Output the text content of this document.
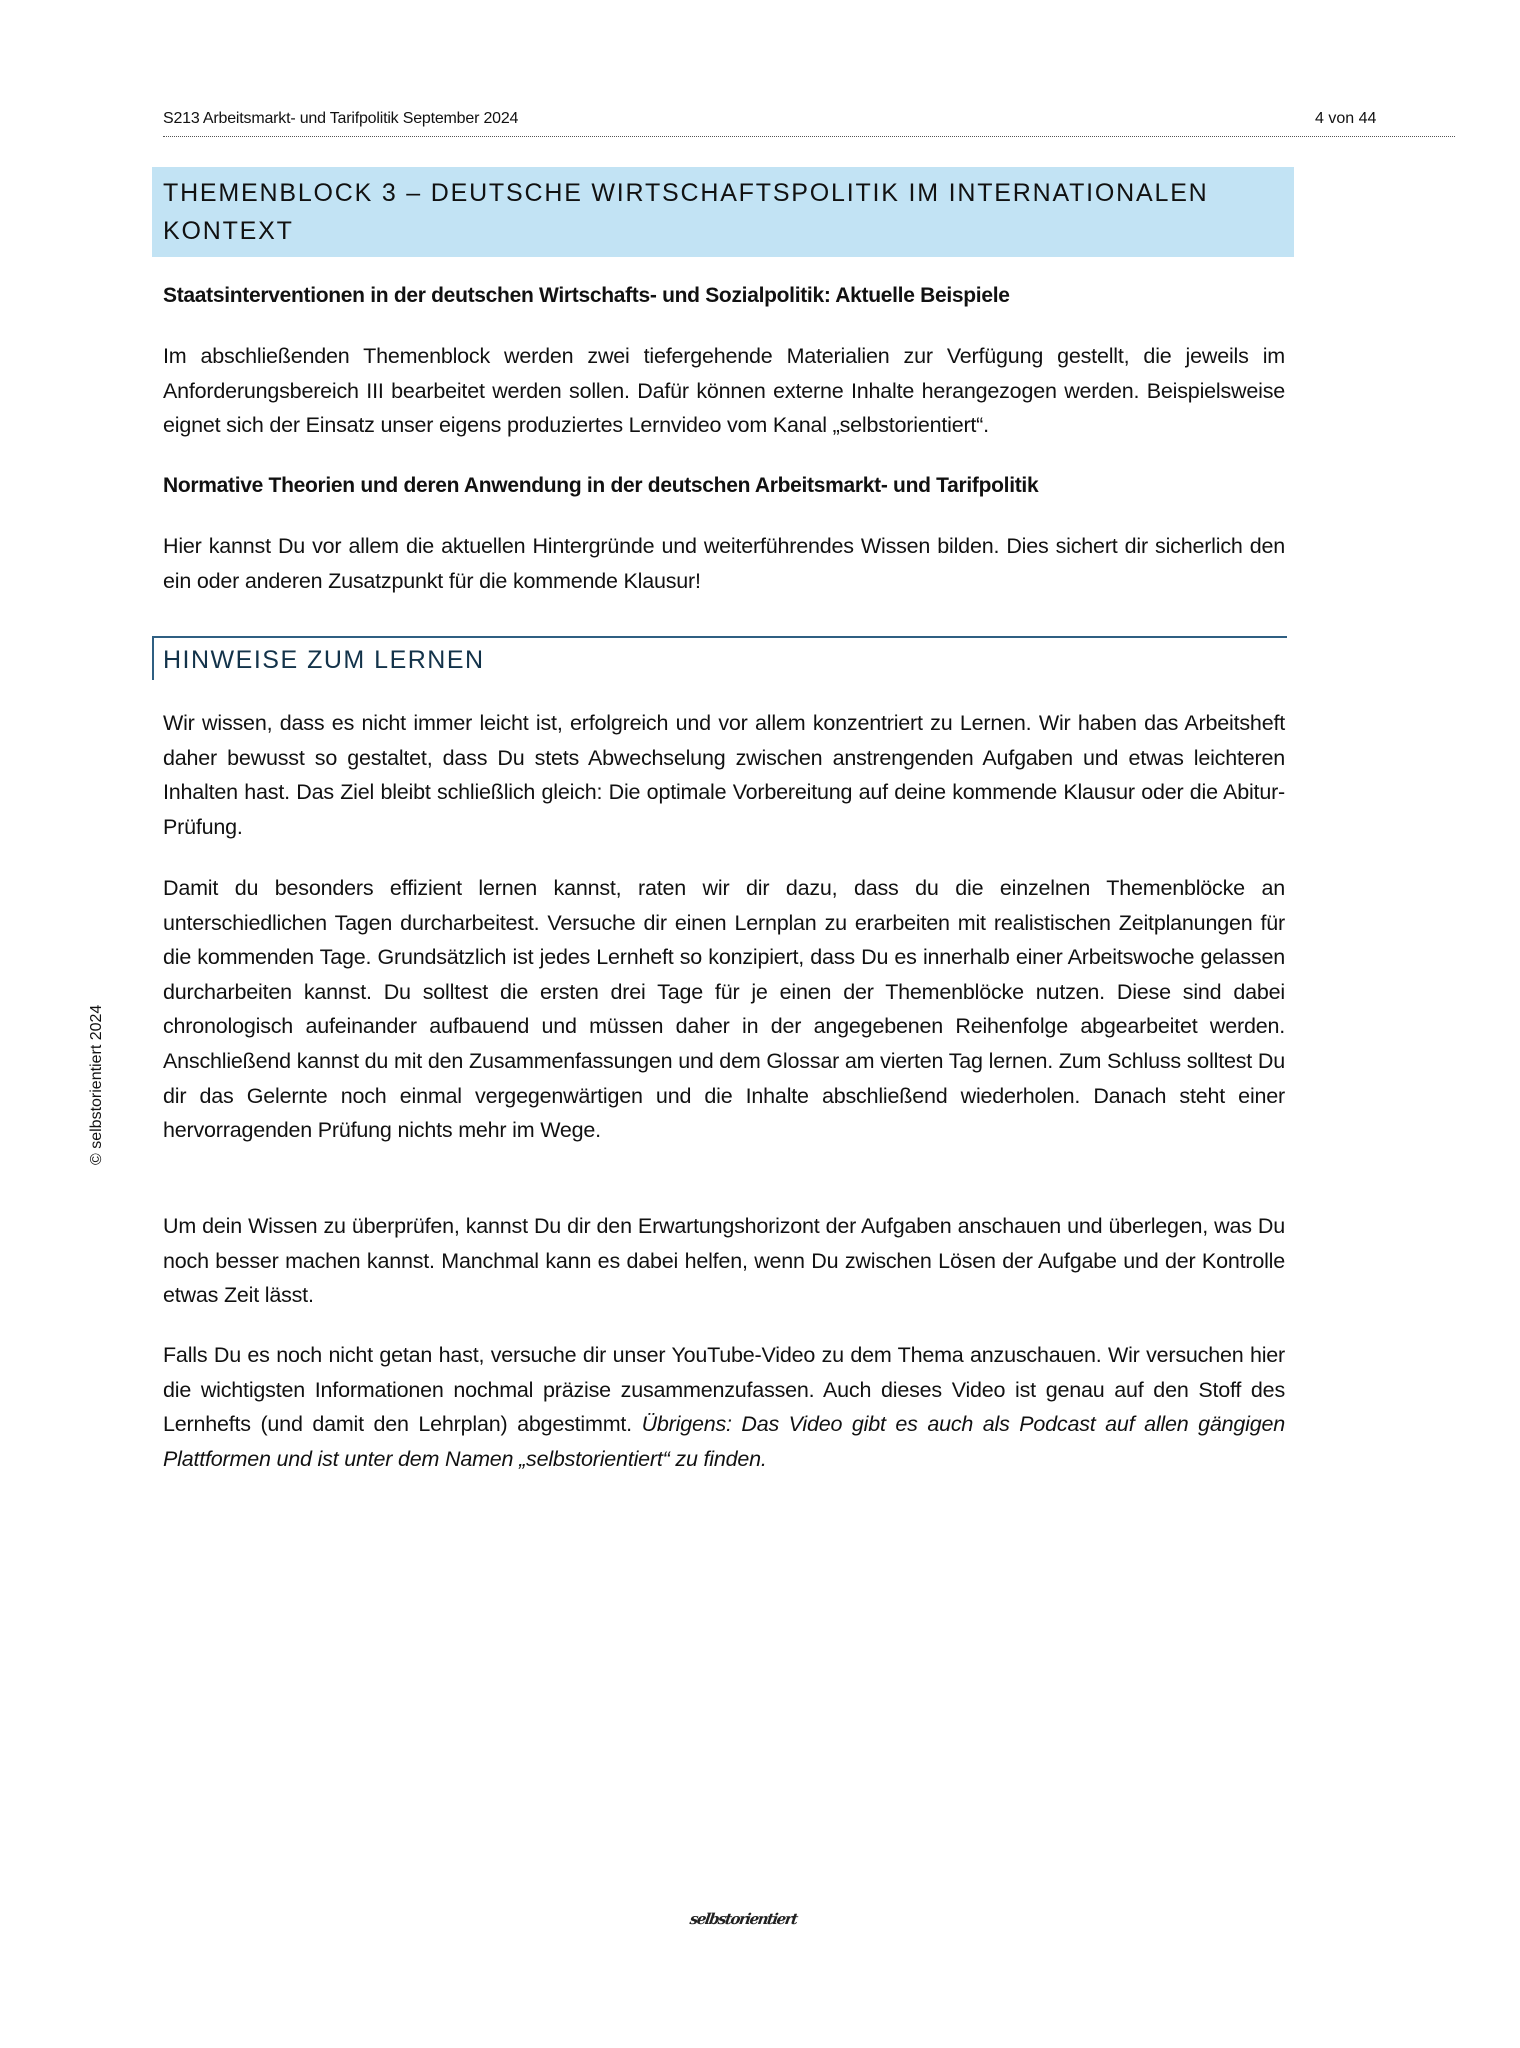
S213 Arbeitsmarkt- und Tarifpolitik September 2024	4 von 44
© selbstorientiert 2024
THEMENBLOCK 3 – DEUTSCHE WIRTSCHAFTSPOLITIK IM INTERNATIONALEN
KONTEXT

Staatsinterventionen in der deutschen Wirtschafts- und Sozialpolitik: Aktuelle Beispiele

Im abschließenden Themenblock werden zwei tiefergehende Materialien zur Verfügung gestellt, die jeweils im Anforderungsbereich III bearbeitet werden sollen. Dafür können externe Inhalte herangezogen werden. Beispielsweise eignet sich der Einsatz unser eigens produziertes Lernvideo vom Kanal „selbstorientiert“.

Normative Theorien und deren Anwendung in der deutschen Arbeitsmarkt- und Tarifpolitik

Hier kannst Du vor allem die aktuellen Hintergründe und weiterführendes Wissen bilden. Dies sichert dir sicherlich den ein oder anderen Zusatzpunkt für die kommende Klausur!

HINWEISE ZUM LERNEN

Wir wissen, dass es nicht immer leicht ist, erfolgreich und vor allem konzentriert zu Lernen. Wir haben das Arbeitsheft daher bewusst so gestaltet, dass Du stets Abwechselung zwischen anstrengenden Aufgaben und etwas leichteren Inhalten hast. Das Ziel bleibt schließlich gleich: Die optimale Vorbereitung auf deine kommende Klausur oder die Abitur-Prüfung.

Damit du besonders effizient lernen kannst, raten wir dir dazu, dass du die einzelnen Themenblöcke an unterschiedlichen Tagen durcharbeitest. Versuche dir einen Lernplan zu erarbeiten mit realistischen Zeitplanungen für die kommenden Tage. Grundsätzlich ist jedes Lernheft so konzipiert, dass Du es innerhalb einer Arbeitswoche gelassen durcharbeiten kannst. Du solltest die ersten drei Tage für je einen der Themenblöcke nutzen. Diese sind dabei chronologisch aufeinander aufbauend und müssen daher in der angegebenen Reihenfolge abgearbeitet werden. Anschließend kannst du mit den Zusammenfassungen und dem Glossar am vierten Tag lernen. Zum Schluss solltest Du dir das Gelernte noch einmal vergegenwärtigen und die Inhalte abschließend wiederholen. Danach steht einer hervorragenden Prüfung nichts mehr im Wege.

Um dein Wissen zu überprüfen, kannst Du dir den Erwartungshorizont der Aufgaben anschauen und überlegen, was Du noch besser machen kannst. Manchmal kann es dabei helfen, wenn Du zwischen Lösen der Aufgabe und der Kontrolle etwas Zeit lässt.

Falls Du es noch nicht getan hast, versuche dir unser YouTube-Video zu dem Thema anzuschauen. Wir versuchen hier die wichtigsten Informationen nochmal präzise zusammenzufassen. Auch dieses Video ist genau auf den Stoff des Lernhefts (und damit den Lehrplan) abgestimmt. Übrigens: Das Video gibt es auch als Podcast auf allen gängigen Plattformen und ist unter dem Namen „selbstorientiert“ zu finden.

selbstorientiert
